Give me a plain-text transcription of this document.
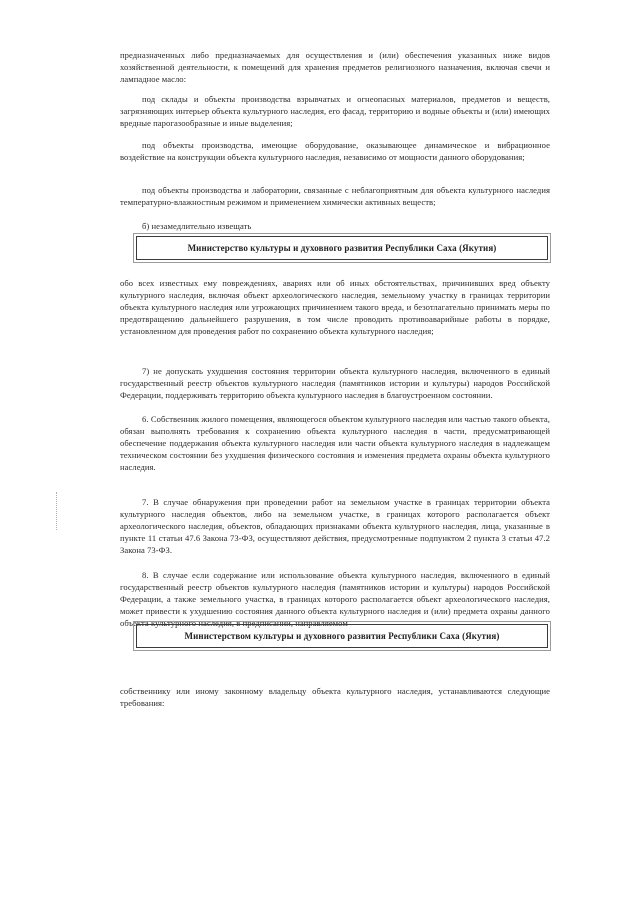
предназначенных либо предназначаемых для осуществления и (или) обеспечения указанных ниже видов хозяйственной деятельности, к помещений для хранения предметов религиозного назначения, включая свечи и лампадное масло:

под склады и объекты производства взрывчатых и огнеопасных материалов, предметов и веществ, загрязняющих интерьер объекта культурного наследия, его фасад, территорию и водные объекты и (или) имеющих вредные парогазообразные и иные выделения;

под объекты производства, имеющие оборудование, оказывающее динамическое и вибрационное воздействие на конструкции объекта культурного наследия, независимо от мощности данного оборудования;

под объекты производства и лаборатории, связанные с неблагоприятным для объекта культурного наследия температурно-влажностным режимом и применением химически активных веществ;

б) незамедлительно извещать

Министерство культуры и духовного развития Республики Саха (Якутия)

обо всех известных ему повреждениях, авариях или об иных обстоятельствах, причинивших вред объекту культурного наследия, включая объект археологического наследия, земельному участку в границах территории объекта культурного наследия или угрожающих причинением такого вреда, и безотлагательно принимать меры по предотвращению дальнейшего разрушения, в том числе проводить противоаварийные работы в порядке, установленном для проведения работ по сохранению объекта культурного наследия;

7) не допускать ухудшения состояния территории объекта культурного наследия, включенного в единый государственный реестр объектов культурного наследия (памятников истории и культуры) народов Российской Федерации, поддерживать территорию объекта культурного наследия в благоустроенном состоянии.

6. Собственник жилого помещения, являющегося объектом культурного наследия или частью такого объекта, обязан выполнять требования к сохранению объекта культурного наследия в части, предусматривающей обеспечение поддержания объекта культурного наследия или части объекта культурного наследия в надлежащем техническом состоянии без ухудшения физического состояния и изменения предмета охраны объекта культурного наследия.

7. В случае обнаружения при проведении работ на земельном участке в границах территории объекта культурного наследия объектов, либо на земельном участке, в границах которого располагается объект археологического наследия, объектов, обладающих признаками объекта культурного наследия, лица, указанные в пункте 11 статьи 47.6 Закона 73-ФЗ, осуществляют действия, предусмотренные подпунктом 2 пункта 3 статьи 47.2 Закона 73-ФЗ.

8. В случае если содержание или использование объекта культурного наследия, включенного в единый государственный реестр объектов культурного наследия (памятников истории и культуры) народов Российской Федерации, а также земельного участка, в границах которого располагается объект археологического наследия, может привести к ухудшению состояния данного объекта культурного наследия и (или) предмета охраны данного объекта культурного наследия, в предписании, направляемом

Министерством культуры и духовного развития Республики Саха (Якутия)

собственнику или иному законному владельцу объекта культурного наследия, устанавливаются следующие требования:
